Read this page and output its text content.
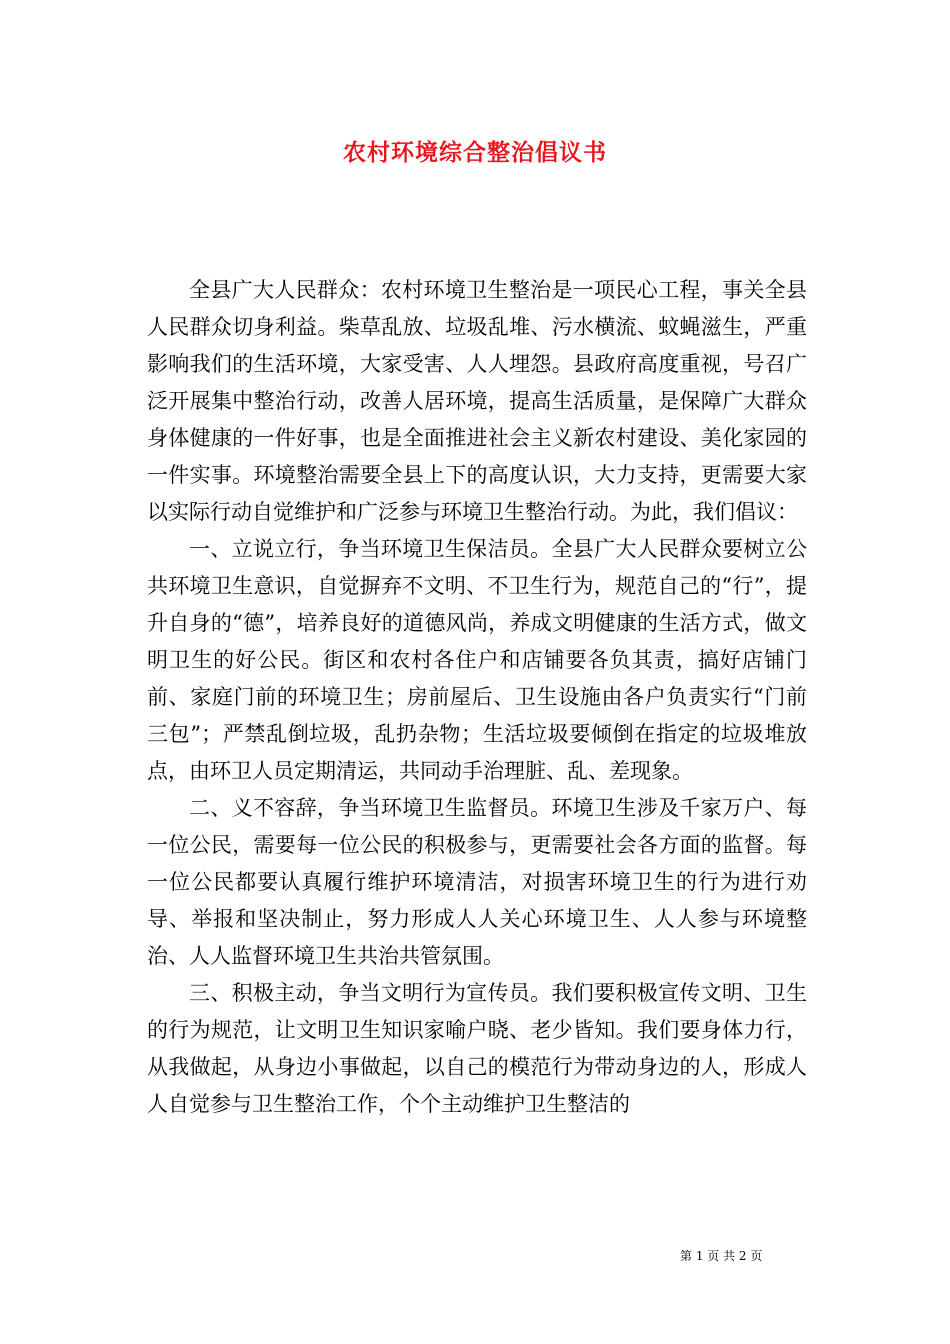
农村环境综合整治倡议书

全县广大人民群众：农村环境卫生整治是一项民心工程，事关全县人民群众切身利益。柴草乱放、垃圾乱堆、污水横流、蚊蝇滋生，严重影响我们的生活环境，大家受害、人人埋怨。县政府高度重视，号召广泛开展集中整治行动，改善人居环境，提高生活质量，是保障广大群众身体健康的一件好事，也是全面推进社会主义新农村建设、美化家园的一件实事。环境整治需要全县上下的高度认识，大力支持，更需要大家以实际行动自觉维护和广泛参与环境卫生整治行动。为此，我们倡议：

一、立说立行，争当环境卫生保洁员。全县广大人民群众要树立公共环境卫生意识，自觉摒弃不文明、不卫生行为，规范自己的“行”，提升自身的“德”，培养良好的道德风尚，养成文明健康的生活方式，做文明卫生的好公民。街区和农村各住户和店铺要各负其责，搞好店铺门前、家庭门前的环境卫生；房前屋后、卫生设施由各户负责实行“门前三包”；严禁乱倒垃圾，乱扔杂物；生活垃圾要倾倒在指定的垃圾堆放点，由环卫人员定期清运，共同动手治理脏、乱、差现象。

二、义不容辞，争当环境卫生监督员。环境卫生涉及千家万户、每一位公民，需要每一位公民的积极参与，更需要社会各方面的监督。每一位公民都要认真履行维护环境清洁，对损害环境卫生的行为进行劝导、举报和坚决制止，努力形成人人关心环境卫生、人人参与环境整治、人人监督环境卫生共治共管氛围。

三、积极主动，争当文明行为宣传员。我们要积极宣传文明、卫生的行为规范，让文明卫生知识家喻户晓、老少皆知。我们要身体力行，从我做起，从身边小事做起，以自己的模范行为带动身边的人，形成人人自觉参与卫生整治工作，个个主动维护卫生整洁的

第 1 页 共 2 页
